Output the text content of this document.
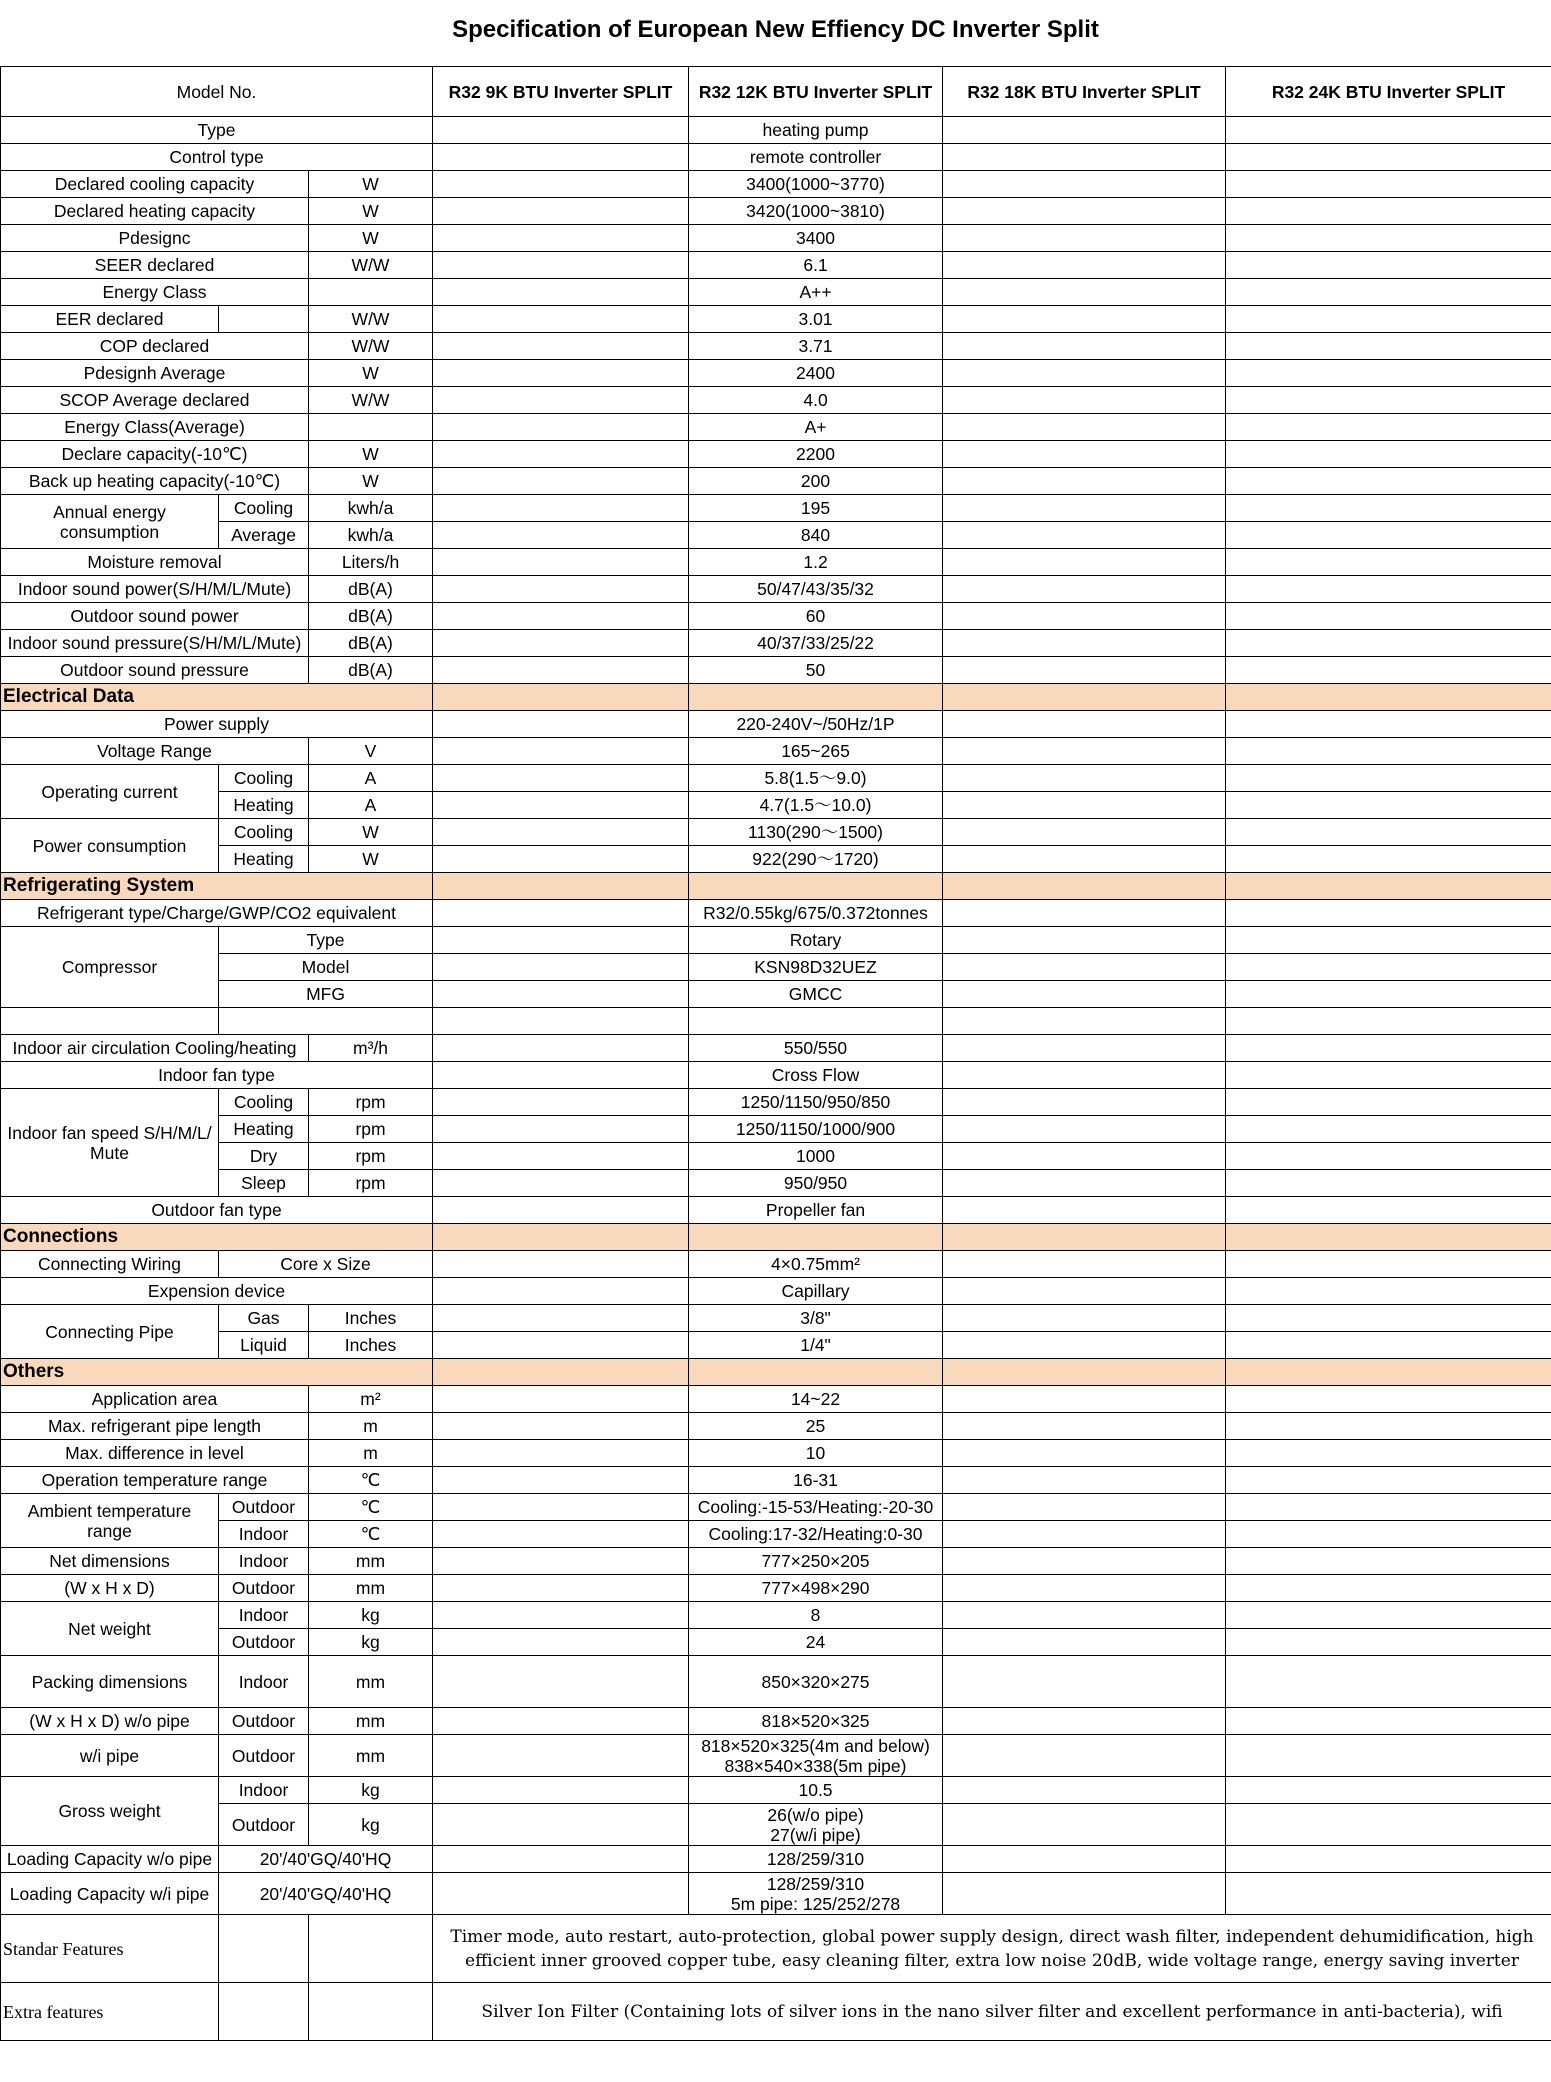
Specification of European New Effiency DC Inverter Split
Model No.			R32 9K BTU Inverter SPLIT	R32 12K BTU Inverter SPLIT	R32 18K BTU Inverter SPLIT	R32 24K BTU Inverter SPLIT
Type				heating pump		
Control type				remote controller		
Declared cooling capacity		W		3400(1000~3770)		
Declared heating capacity		W		3420(1000~3810)		
Pdesignc		W		3400		
SEER declared		W/W		6.1		
Energy Class				A++		
EER declared		W/W		3.01		
COP declared		W/W		3.71		
Pdesignh Average		W		2400		
SCOP Average declared		W/W		4.0		
Energy Class(Average)				A+		
Declare capacity(-10℃)		W		2200		
Back up heating capacity(-10℃)		W		200		
Annual energy consumption	Cooling	kwh/a		195		
	Average	kwh/a		840		
Moisture removal		Liters/h		1.2		
Indoor sound power(S/H/M/L/Mute)		dB(A)		50/47/43/35/32		
Outdoor sound power		dB(A)		60		
Indoor sound pressure(S/H/M/L/Mute)		dB(A)		40/37/33/25/22		
Outdoor sound pressure		dB(A)		50		
Electrical Data						
Power supply				220-240V~/50Hz/1P		
Voltage Range		V		165~265		
Operating current	Cooling	A		5.8(1.5～9.0)		
	Heating	A		4.7(1.5～10.0)		
Power consumption	Cooling	W		1130(290～1500)		
	Heating	W		922(290～1720)		
Refrigerating System						
Refrigerant type/Charge/GWP/CO2 equivalent				R32/0.55kg/675/0.372tonnes		
Compressor	Type			Rotary		
	Model			KSN98D32UEZ		
	MFG			GMCC		

Indoor air circulation Cooling/heating		m³/h		550/550		
Indoor fan type				Cross Flow		
Indoor fan speed S/H/M/L/ Mute	Cooling	rpm		1250/1150/950/850		
	Heating	rpm		1250/1150/1000/900		
	Dry	rpm		1000		
	Sleep	rpm		950/950		
Outdoor fan type				Propeller fan		
Connections						
Connecting Wiring	Core x Size			4×0.75mm²		
Expension device				Capillary		
Connecting Pipe	Gas	Inches		3/8"		
	Liquid	Inches		1/4"		
Others						
Application area		m²		14~22		
Max. refrigerant pipe length		m		25		
Max. difference in level		m		10		
Operation temperature range		℃		16-31		
Ambient temperature range	Outdoor	℃		Cooling:-15-53/Heating:-20-30		
	Indoor	℃		Cooling:17-32/Heating:0-30		
Net dimensions	Indoor	mm		777×250×205		
(W x H x D)	Outdoor	mm		777×498×290		
Net weight	Indoor	kg		8		
	Outdoor	kg		24		
Packing dimensions	Indoor	mm		850×320×275		
(W x H x D) w/o pipe	Outdoor	mm		818×520×325		
w/i pipe	Outdoor	mm		818×520×325(4m and below)
838×540×338(5m pipe)		

Gross weight	Indoor	kg		10.5		
	Outdoor	kg		26(w/o pipe)
27(w/i pipe)		

Loading Capacity w/o pipe	20'/40'GQ/40'HQ			128/259/310		
Loading Capacity w/i pipe	20'/40'GQ/40'HQ			128/259/310
5m pipe: 125/252/278		

Standar Features			Timer mode, auto restart, auto-protection, global power supply design, direct wash filter, independent dehumidification, high efficient inner grooved copper tube, easy cleaning filter, extra low noise 20dB, wide voltage range, energy saving inverter			
Extra features			Silver Ion Filter (Containing lots of silver ions in the nano silver filter and excellent performance in anti-bacteria), wifi			
